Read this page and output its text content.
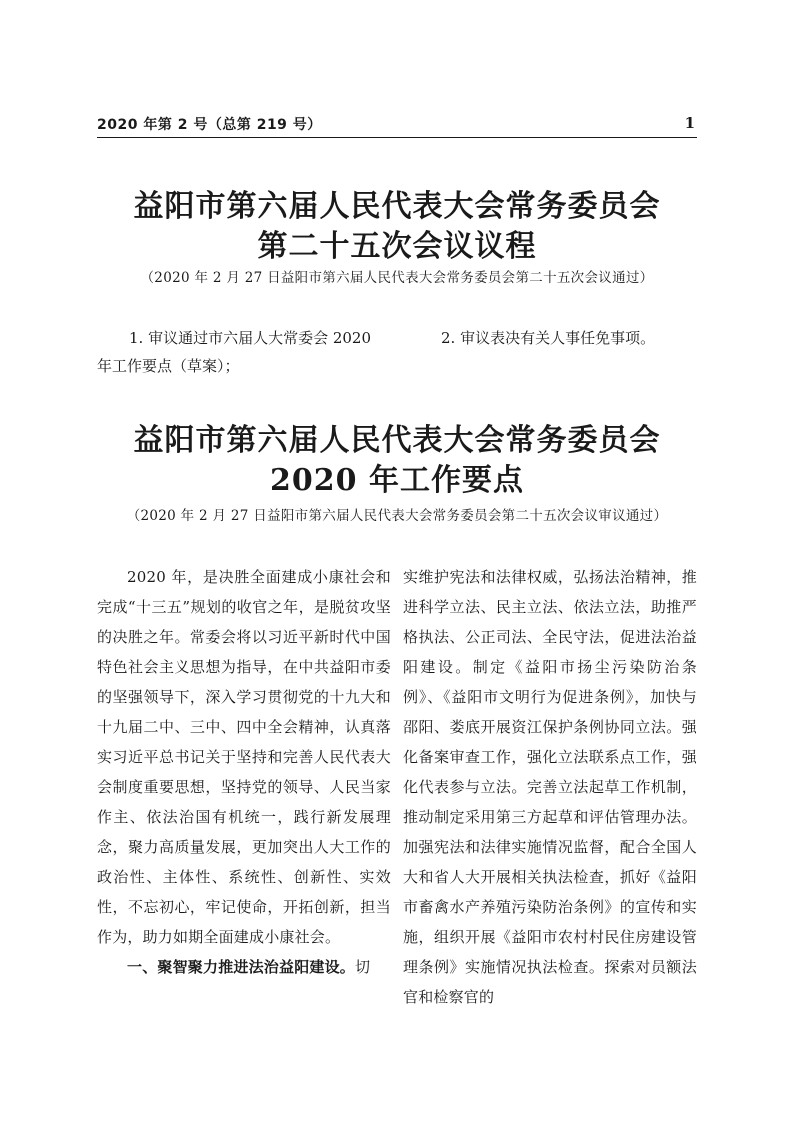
2020 年第 2 号（总第 219 号）	1
益阳市第六届人民代表大会常务委员会
第二十五次会议议程
（2020 年 2 月 27 日益阳市第六届人民代表大会常务委员会第二十五次会议通过）
1. 审议通过市六届人大常委会 2020
年工作要点（草案）；
2. 审议表决有关人事任免事项。
益阳市第六届人民代表大会常务委员会
2020 年工作要点
（2020 年 2 月 27 日益阳市第六届人民代表大会常务委员会第二十五次会议审议通过）

2020 年，是决胜全面建成小康社会和完成“十三五”规划的收官之年，是脱贫攻坚的决胜之年。常委会将以习近平新时代中国特色社会主义思想为指导，在中共益阳市委的坚强领导下，深入学习贯彻党的十九大和十九届二中、三中、四中全会精神，认真落实习近平总书记关于坚持和完善人民代表大会制度重要思想，坚持党的领导、人民当家作主、依法治国有机统一，践行新发展理念，聚力高质量发展，更加突出人大工作的政治性、主体性、系统性、创新性、实效性，不忘初心，牢记使命，开拓创新，担当作为，助力如期全面建成小康社会。

一、聚智聚力推进法治益阳建设。切

实维护宪法和法律权威，弘扬法治精神，推进科学立法、民主立法、依法立法，助推严格执法、公正司法、全民守法，促进法治益阳建设。制定《益阳市扬尘污染防治条例》、《益阳市文明行为促进条例》，加快与邵阳、娄底开展资江保护条例协同立法。强化备案审查工作，强化立法联系点工作，强化代表参与立法。完善立法起草工作机制，推动制定采用第三方起草和评估管理办法。加强宪法和法律实施情况监督，配合全国人大和省人大开展相关执法检查，抓好《益阳市畜禽水产养殖污染防治条例》的宣传和实施，组织开展《益阳市农村村民住房建设管理条例》实施情况执法检查。探索对员额法官和检察官的
